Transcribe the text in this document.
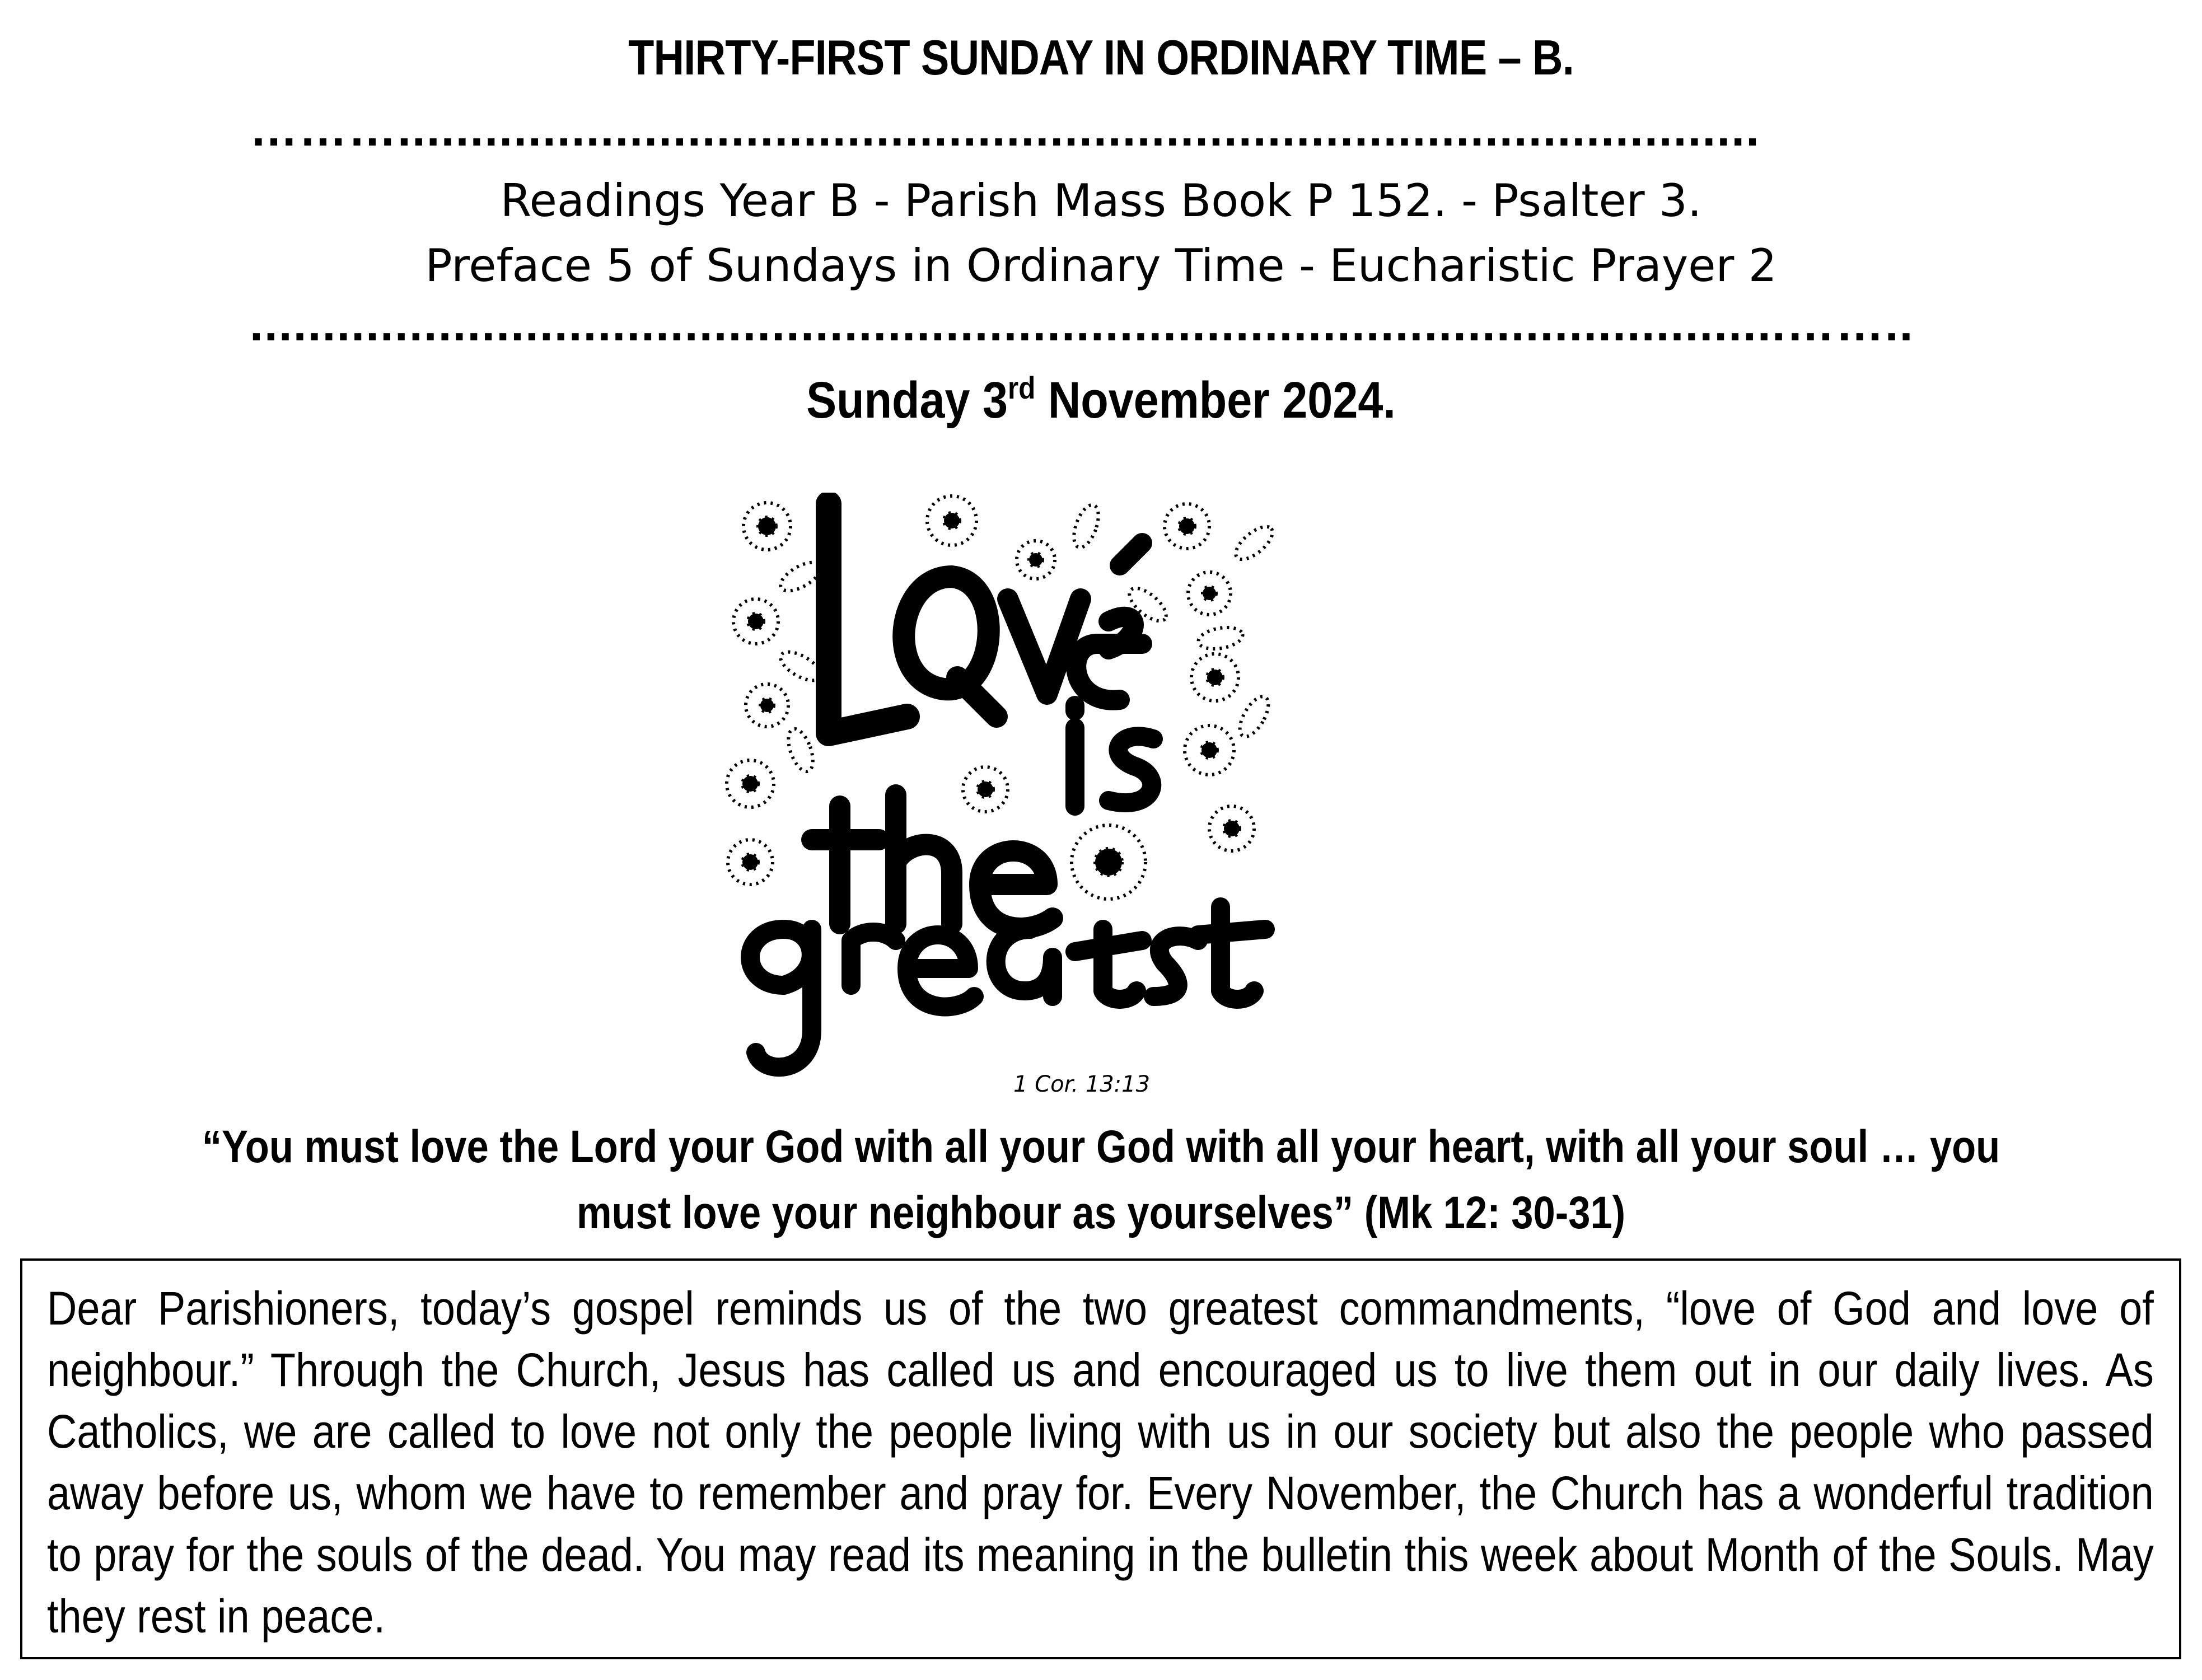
THIRTY-FIRST SUNDAY IN ORDINARY TIME – B.
………..............................................................................................
Readings Year B - Parish Mass Book P 152. - Psalter 3.
Preface 5 of Sundays in Ordinary Time - Eucharistic Prayer 2
..........................................................................................................……..
Sunday 3rd November 2024.
1 Cor. 13:13
“You must love the Lord your God with all your God with all your heart, with all your soul … you must love your neighbour as yourselves” (Mk 12: 30-31)
Dear Parishioners, today’s gospel reminds us of the two greatest commandments, “love of God and love of neighbour.” Through the Church, Jesus has called us and encouraged us to live them out in our daily lives. As Catholics, we are called to love not only the people living with us in our society but also the people who passed away before us, whom we have to remember and pray for. Every November, the Church has a wonderful tradition to pray for the souls of the dead. You may read its meaning in the bulletin this week about Month of the Souls. May they rest in peace.
